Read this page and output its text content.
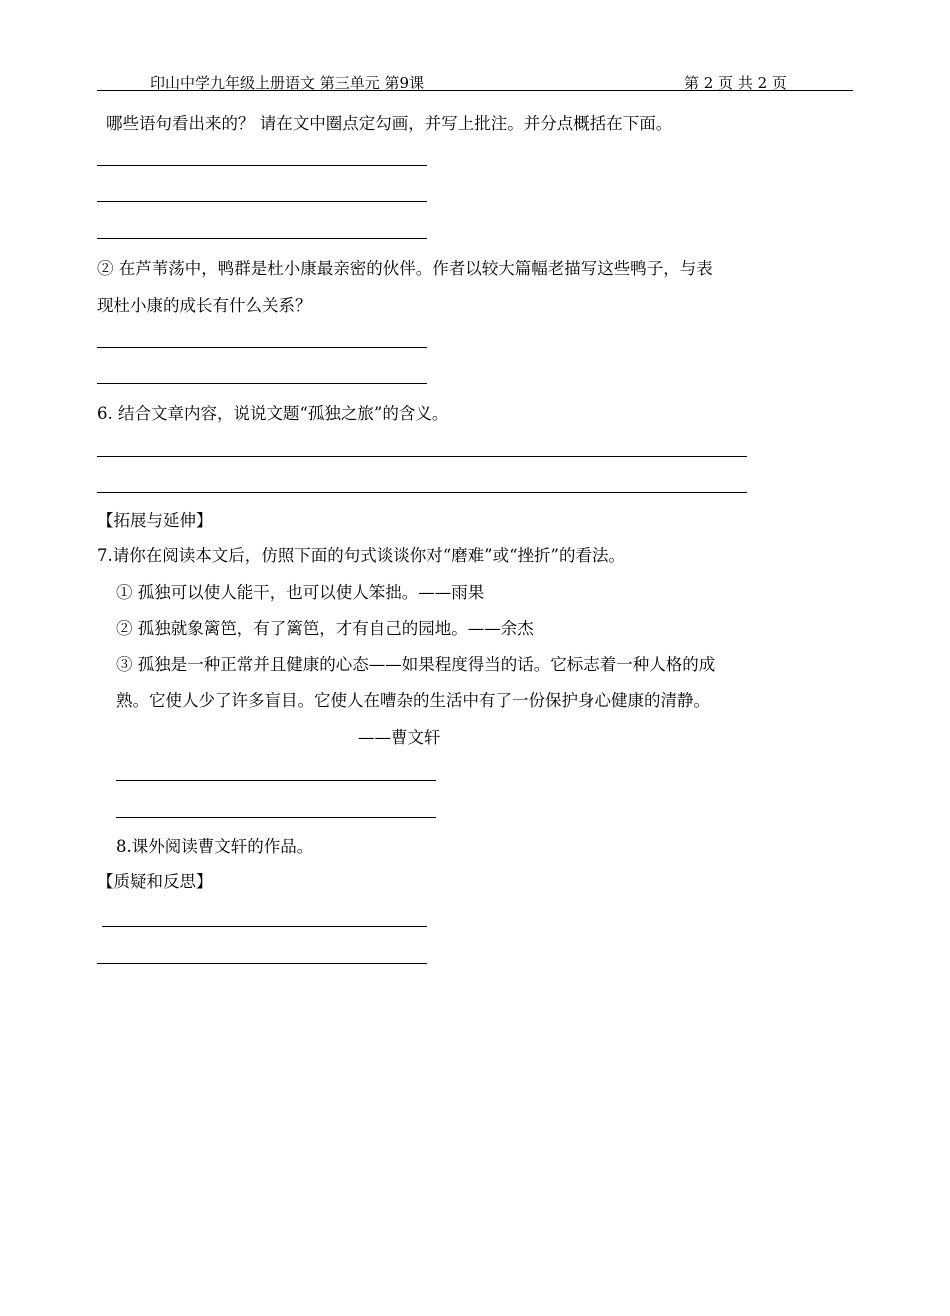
印山中学九年级上册语文 第三单元 第9课	第 2 页 共 2 页
哪些语句看出来的？ 请在文中圈点定勾画，并写上批注。并分点概括在下面。
② 在芦苇荡中，鸭群是杜小康最亲密的伙伴。作者以较大篇幅老描写这些鸭子，与表
现杜小康的成长有什么关系？
6. 结合文章内容，说说文题“孤独之旅”的含义。
【拓展与延伸】
7.请你在阅读本文后，仿照下面的句式谈谈你对“磨难”或“挫折”的看法。
① 孤独可以使人能干，也可以使人笨拙。——雨果
② 孤独就象篱笆，有了篱笆，才有自己的园地。——余杰
③ 孤独是一种正常并且健康的心态——如果程度得当的话。它标志着一种人格的成
熟。它使人少了许多盲目。它使人在嘈杂的生活中有了一份保护身心健康的清静。
——曹文轩
8.课外阅读曹文轩的作品。
【质疑和反思】
